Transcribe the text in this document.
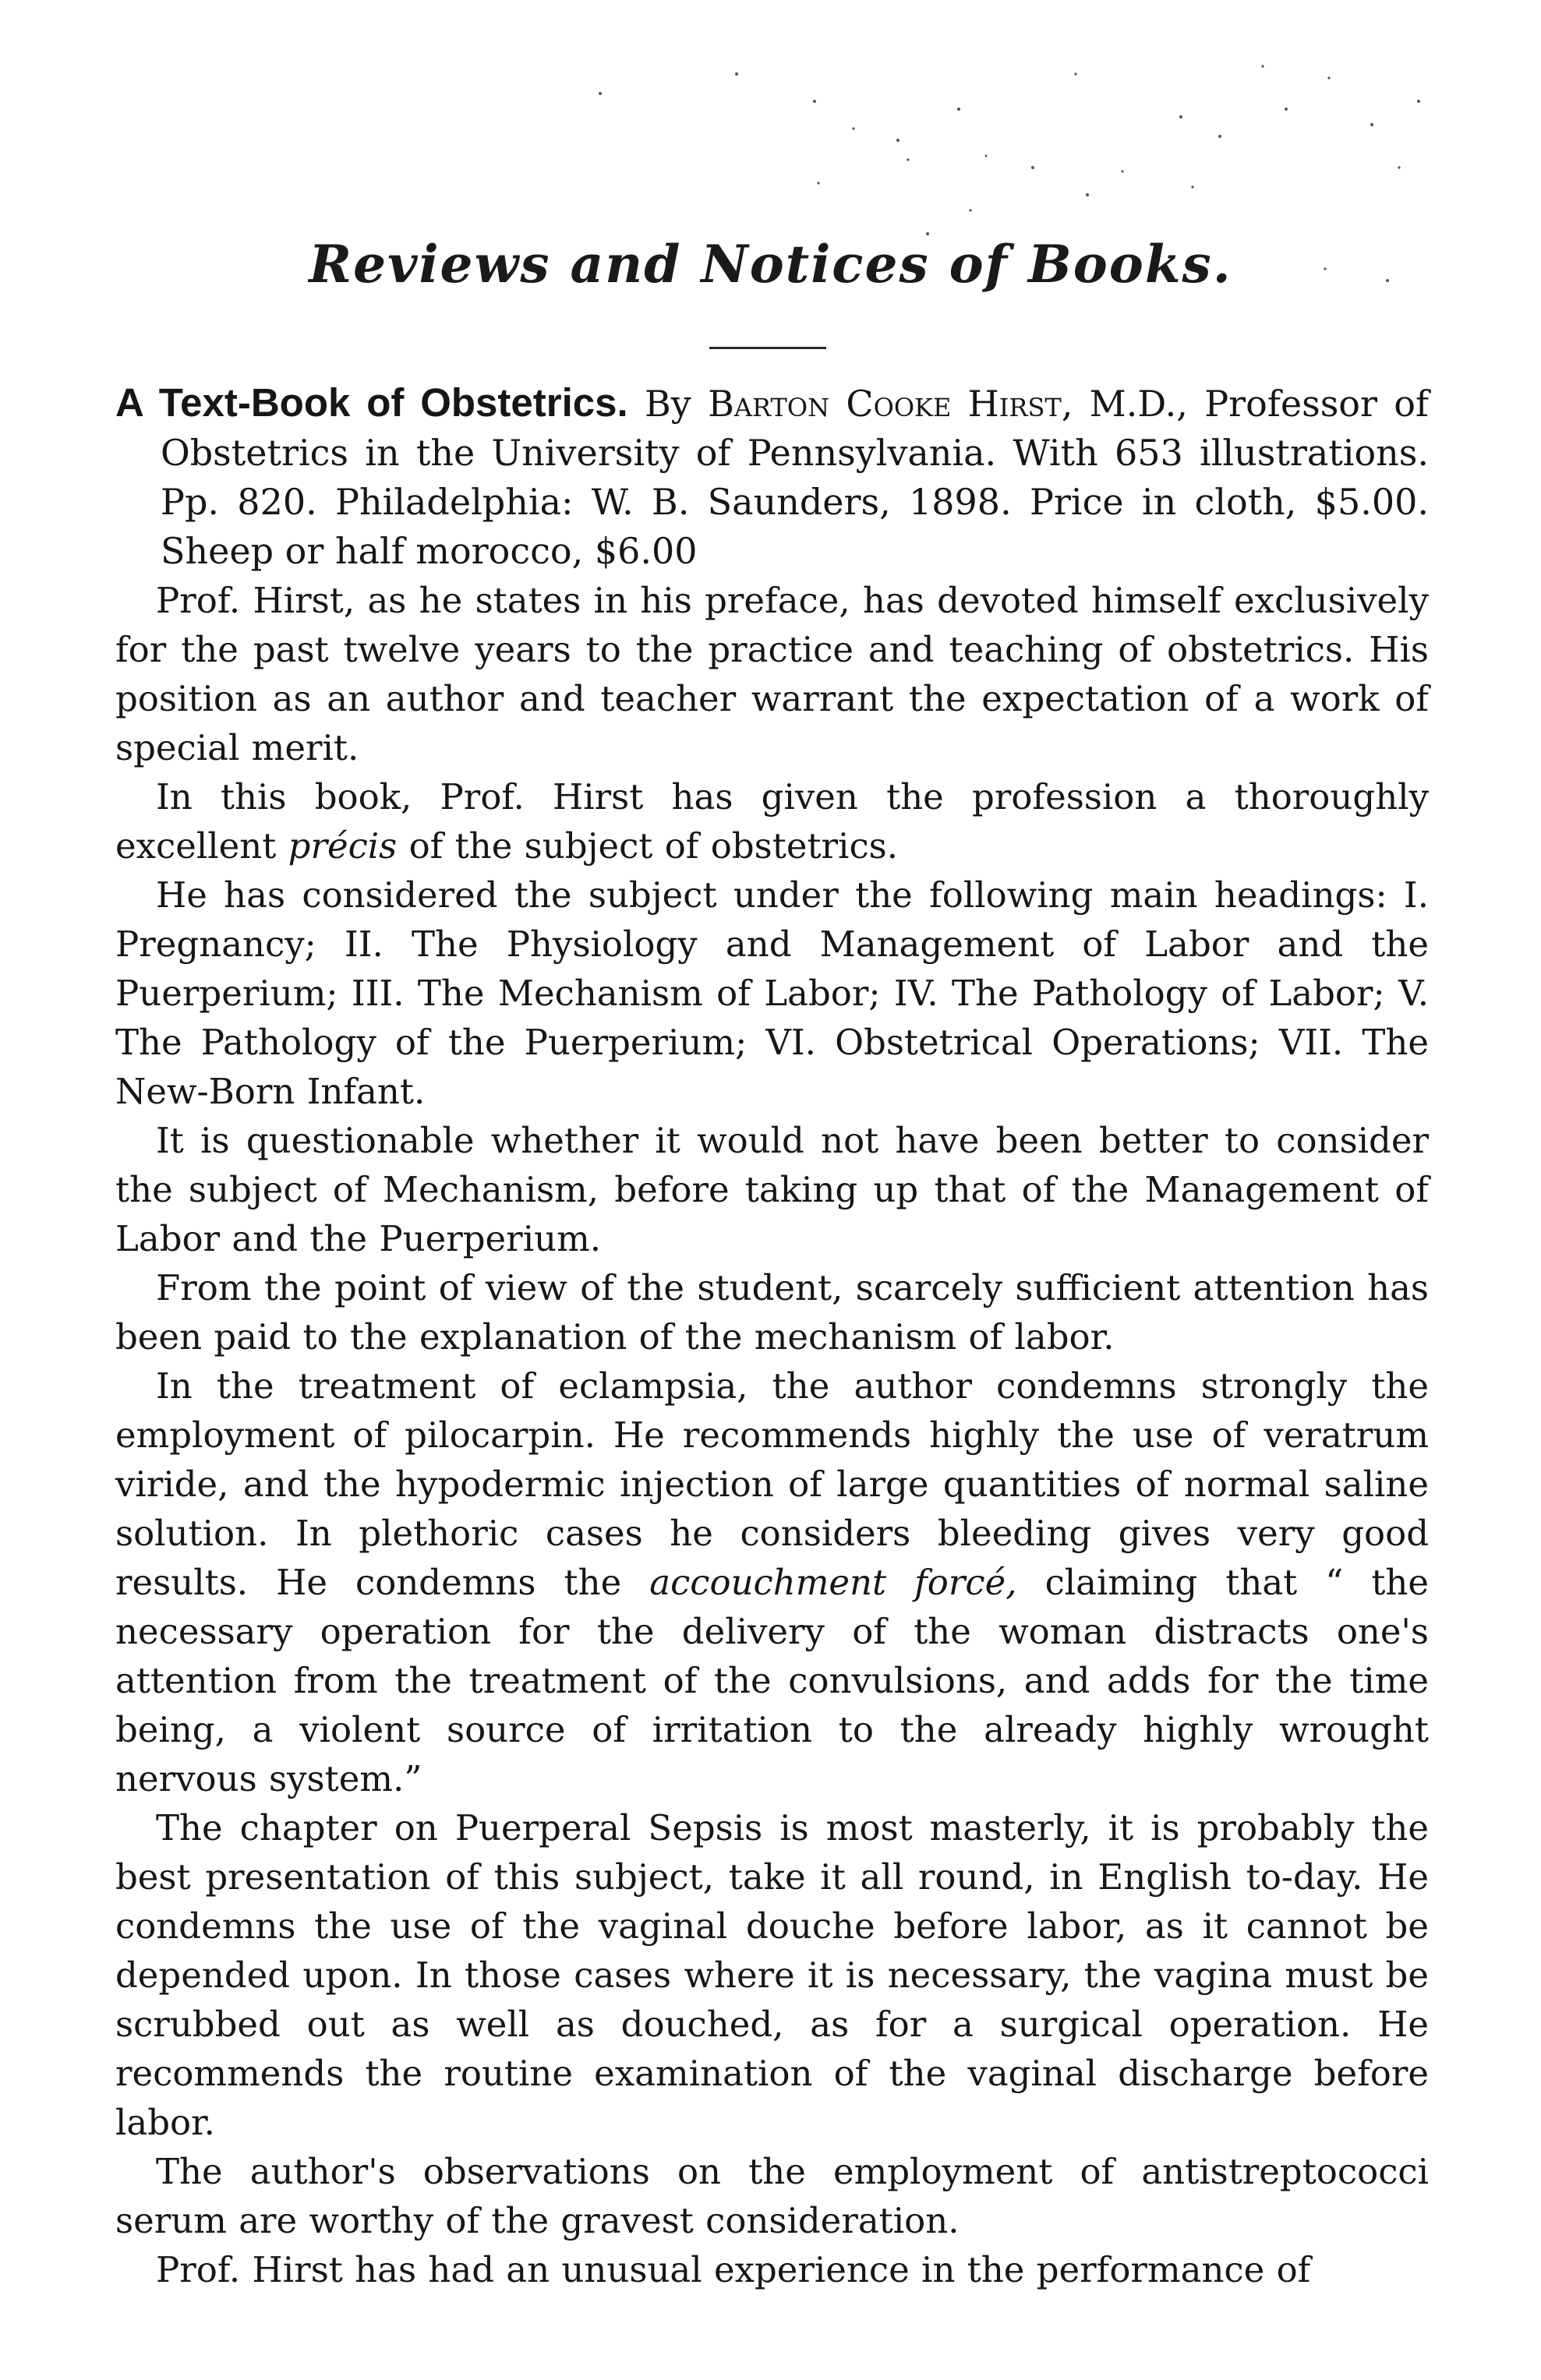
Reviews and Notices of Books.
A Text-Book of Obstetrics. By Barton Cooke Hirst, M.D., Professor of Obstetrics in the University of Pennsylvania. With 653 illustrations. Pp. 820. Philadelphia: W. B. Saunders, 1898. Price in cloth, $5.00. Sheep or half morocco, $6.00

Prof. Hirst, as he states in his preface, has devoted himself exclusively for the past twelve years to the practice and teaching of obstetrics. His position as an author and teacher warrant the expectation of a work of special merit.

In this book, Prof. Hirst has given the profession a thoroughly excellent précis of the subject of obstetrics.

He has considered the subject under the following main headings: I. Pregnancy; II. The Physiology and Management of Labor and the Puerperium; III. The Mechanism of Labor; IV. The Pathology of Labor; V. The Pathology of the Puerperium; VI. Obstetrical Operations; VII. The New-Born Infant.

It is questionable whether it would not have been better to consider the subject of Mechanism, before taking up that of the Management of Labor and the Puerperium.

From the point of view of the student, scarcely sufficient attention has been paid to the explanation of the mechanism of labor.

In the treatment of eclampsia, the author condemns strongly the employment of pilocarpin. He recommends highly the use of veratrum viride, and the hypodermic injection of large quantities of normal saline solution. In plethoric cases he considers bleeding gives very good results. He condemns the accouchment forcé, claiming that “ the necessary operation for the delivery of the woman distracts one's attention from the treatment of the convulsions, and adds for the time being, a violent source of irritation to the already highly wrought nervous system.”

The chapter on Puerperal Sepsis is most masterly, it is probably the best presentation of this subject, take it all round, in English to-day. He condemns the use of the vaginal douche before labor, as it cannot be depended upon. In those cases where it is necessary, the vagina must be scrubbed out as well as douched, as for a surgical operation. He recommends the routine examination of the vaginal discharge before labor.

The author's observations on the employment of antistreptococci serum are worthy of the gravest consideration.

Prof. Hirst has had an unusual experience in the performance of
